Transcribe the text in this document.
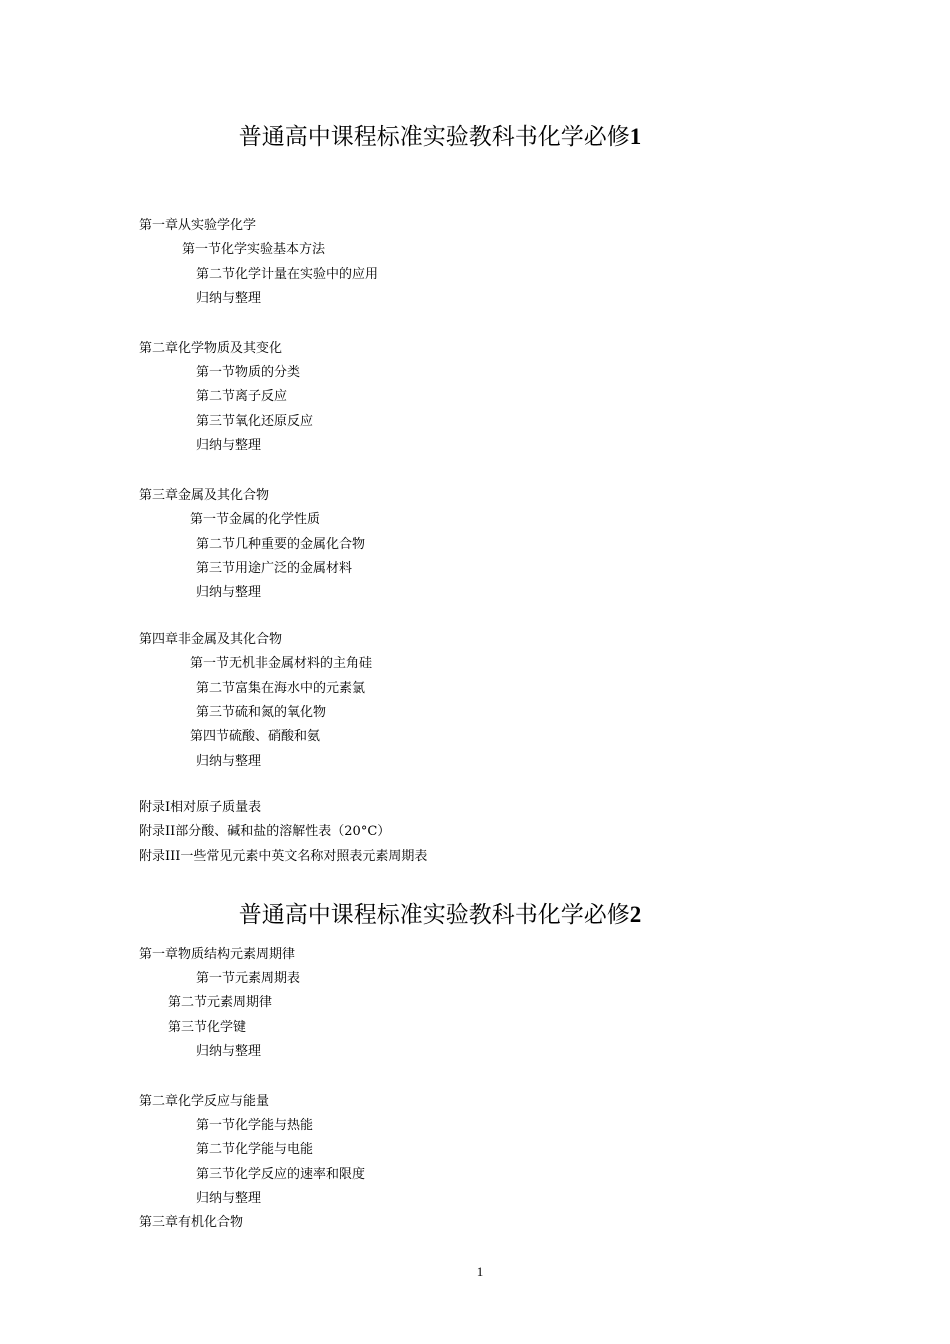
普通高中课程标准实验教科书化学必修1
第一章从实验学化学
第一节化学实验基本方法
第二节化学计量在实验中的应用
归纳与整理
第二章化学物质及其变化
第一节物质的分类
第二节离子反应
第三节氧化还原反应
归纳与整理
第三章金属及其化合物
第一节金属的化学性质
第二节几种重要的金属化合物
第三节用途广泛的金属材料
归纳与整理
第四章非金属及其化合物
第一节无机非金属材料的主角硅
第二节富集在海水中的元素氯
第三节硫和氮的氧化物
第四节硫酸、硝酸和氨
归纳与整理
附录I相对原子质量表
附录II部分酸、碱和盐的溶解性表（20°C）
附录III一些常见元素中英文名称对照表元素周期表
普通高中课程标准实验教科书化学必修2
第一章物质结构元素周期律
第一节元素周期表
第二节元素周期律
第三节化学键
归纳与整理
第二章化学反应与能量
第一节化学能与热能
第二节化学能与电能
第三节化学反应的速率和限度
归纳与整理
第三章有机化合物
1
